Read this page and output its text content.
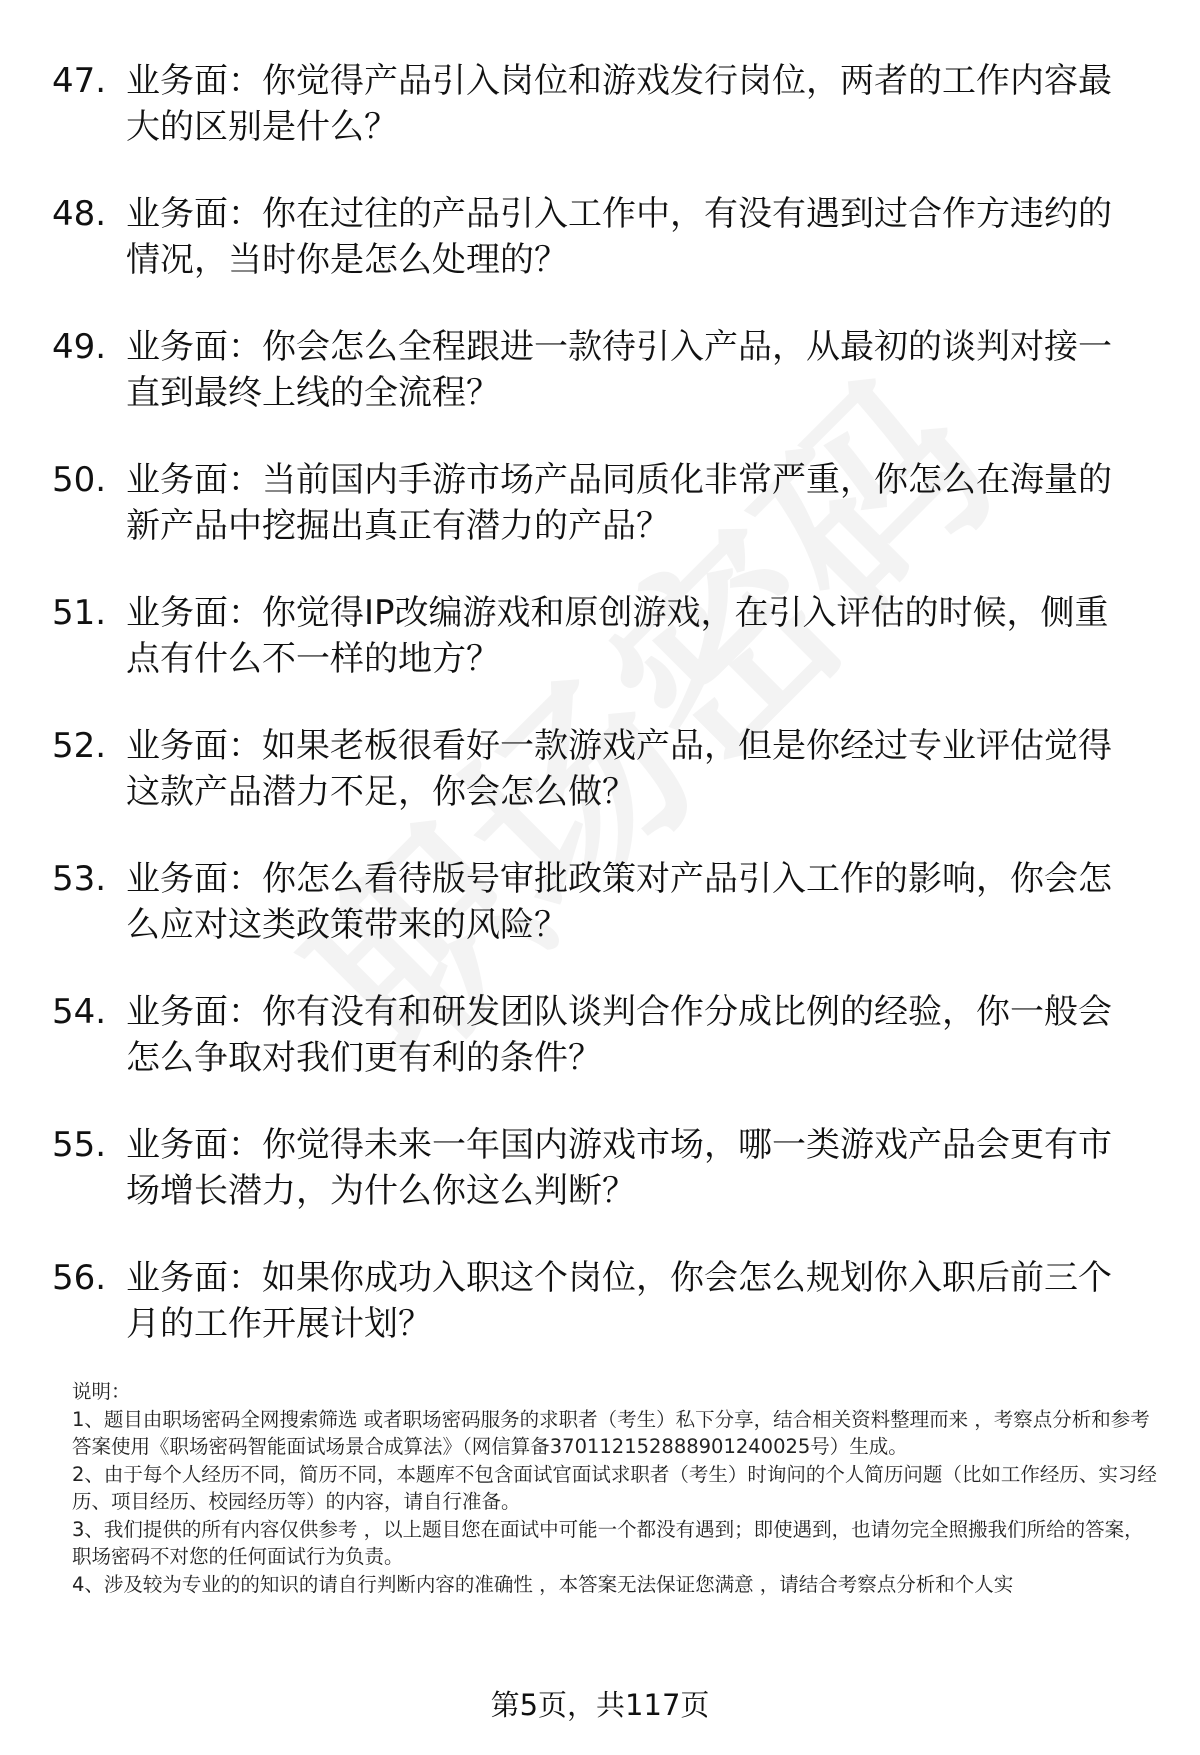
47. 业务面：你觉得产品引入岗位和游戏发行岗位，两者的工作内容最大的区别是什么？
48. 业务面：你在过往的产品引入工作中，有没有遇到过合作方违约的情况，当时你是怎么处理的？
49. 业务面：你会怎么全程跟进一款待引入产品，从最初的谈判对接一直到最终上线的全流程？
50. 业务面：当前国内手游市场产品同质化非常严重，你怎么在海量的新产品中挖掘出真正有潜力的产品？
51. 业务面：你觉得IP改编游戏和原创游戏，在引入评估的时候，侧重点有什么不一样的地方？
52. 业务面：如果老板很看好一款游戏产品，但是你经过专业评估觉得这款产品潜力不足，你会怎么做？
53. 业务面：你怎么看待版号审批政策对产品引入工作的影响，你会怎么应对这类政策带来的风险？
54. 业务面：你有没有和研发团队谈判合作分成比例的经验，你一般会怎么争取对我们更有利的条件？
55. 业务面：你觉得未来一年国内游戏市场，哪一类游戏产品会更有市场增长潜力，为什么你这么判断？
56. 业务面：如果你成功入职这个岗位，你会怎么规划你入职后前三个月的工作开展计划？

说明：

1、题目由职场密码全网搜索筛选 或者职场密码服务的求职者（考生）私下分享，结合相关资料整理而来 ，考察点分析和参考答案使用《职场密码智能面试场景合成算法》（网信算备370112152888901240025号）生成。

2、由于每个人经历不同，简历不同，本题库不包含面试官面试求职者（考生）时询问的个人简历问题（比如工作经历、实习经历、项目经历、校园经历等）的内容，请自行准备。

3、我们提供的所有内容仅供参考 ，以上题目您在面试中可能一个都没有遇到；即使遇到，也请勿完全照搬我们所给的答案，职场密码不对您的任何面试行为负责。

4、涉及较为专业的的知识的请自行判断内容的准确性 ，本答案无法保证您满意 ，请结合考察点分析和个人实

第5页，共117页
